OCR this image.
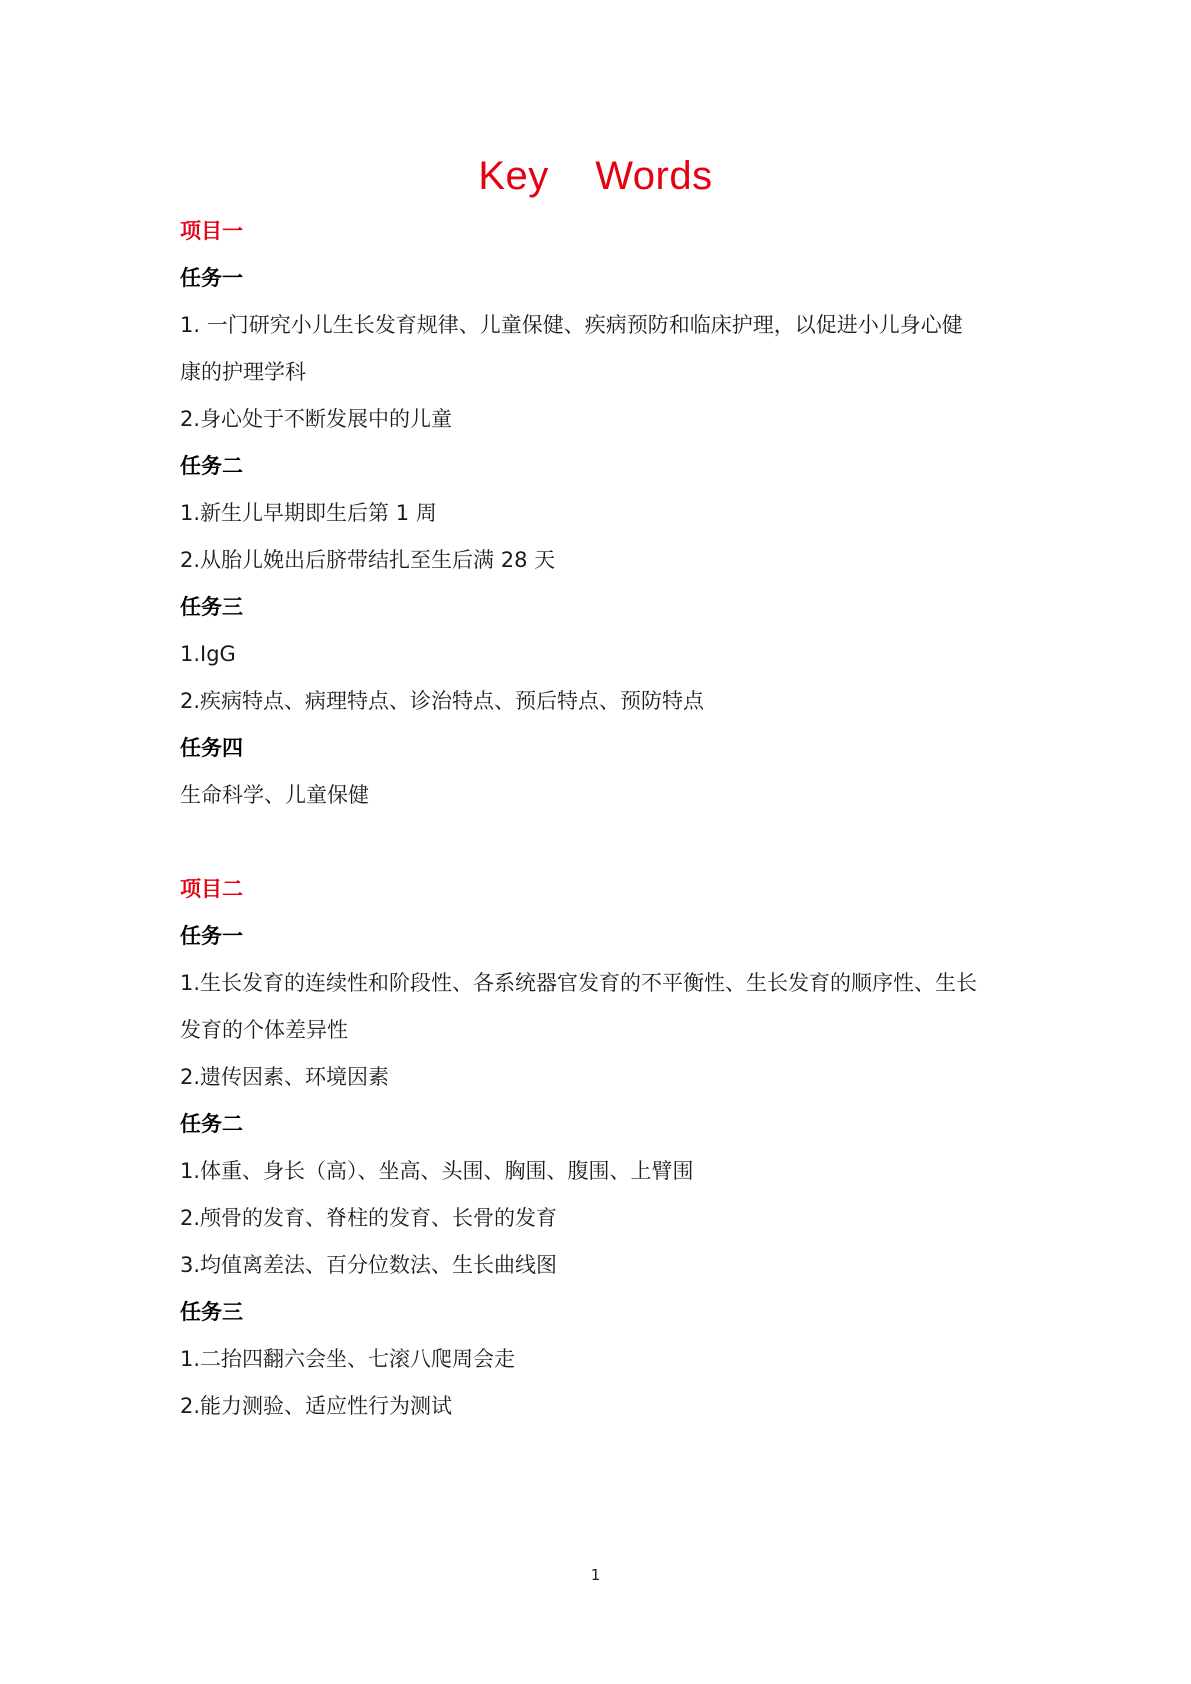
Key    Words
项目一
任务一
1. 一门研究小儿生长发育规律、儿童保健、疾病预防和临床护理，以促进小儿身心健
康的护理学科
2.身心处于不断发展中的儿童
任务二
1.新生儿早期即生后第 1 周
2.从胎儿娩出后脐带结扎至生后满 28 天
任务三
1.IgG
2.疾病特点、病理特点、诊治特点、预后特点、预防特点
任务四
生命科学、儿童保健
项目二
任务一
1.生长发育的连续性和阶段性、各系统器官发育的不平衡性、生长发育的顺序性、生长
发育的个体差异性
2.遗传因素、环境因素
任务二
1.体重、身长（高）、坐高、头围、胸围、腹围、上臂围
2.颅骨的发育、脊柱的发育、长骨的发育
3.均值离差法、百分位数法、生长曲线图
任务三
1.二抬四翻六会坐、七滚八爬周会走
2.能力测验、适应性行为测试
1
